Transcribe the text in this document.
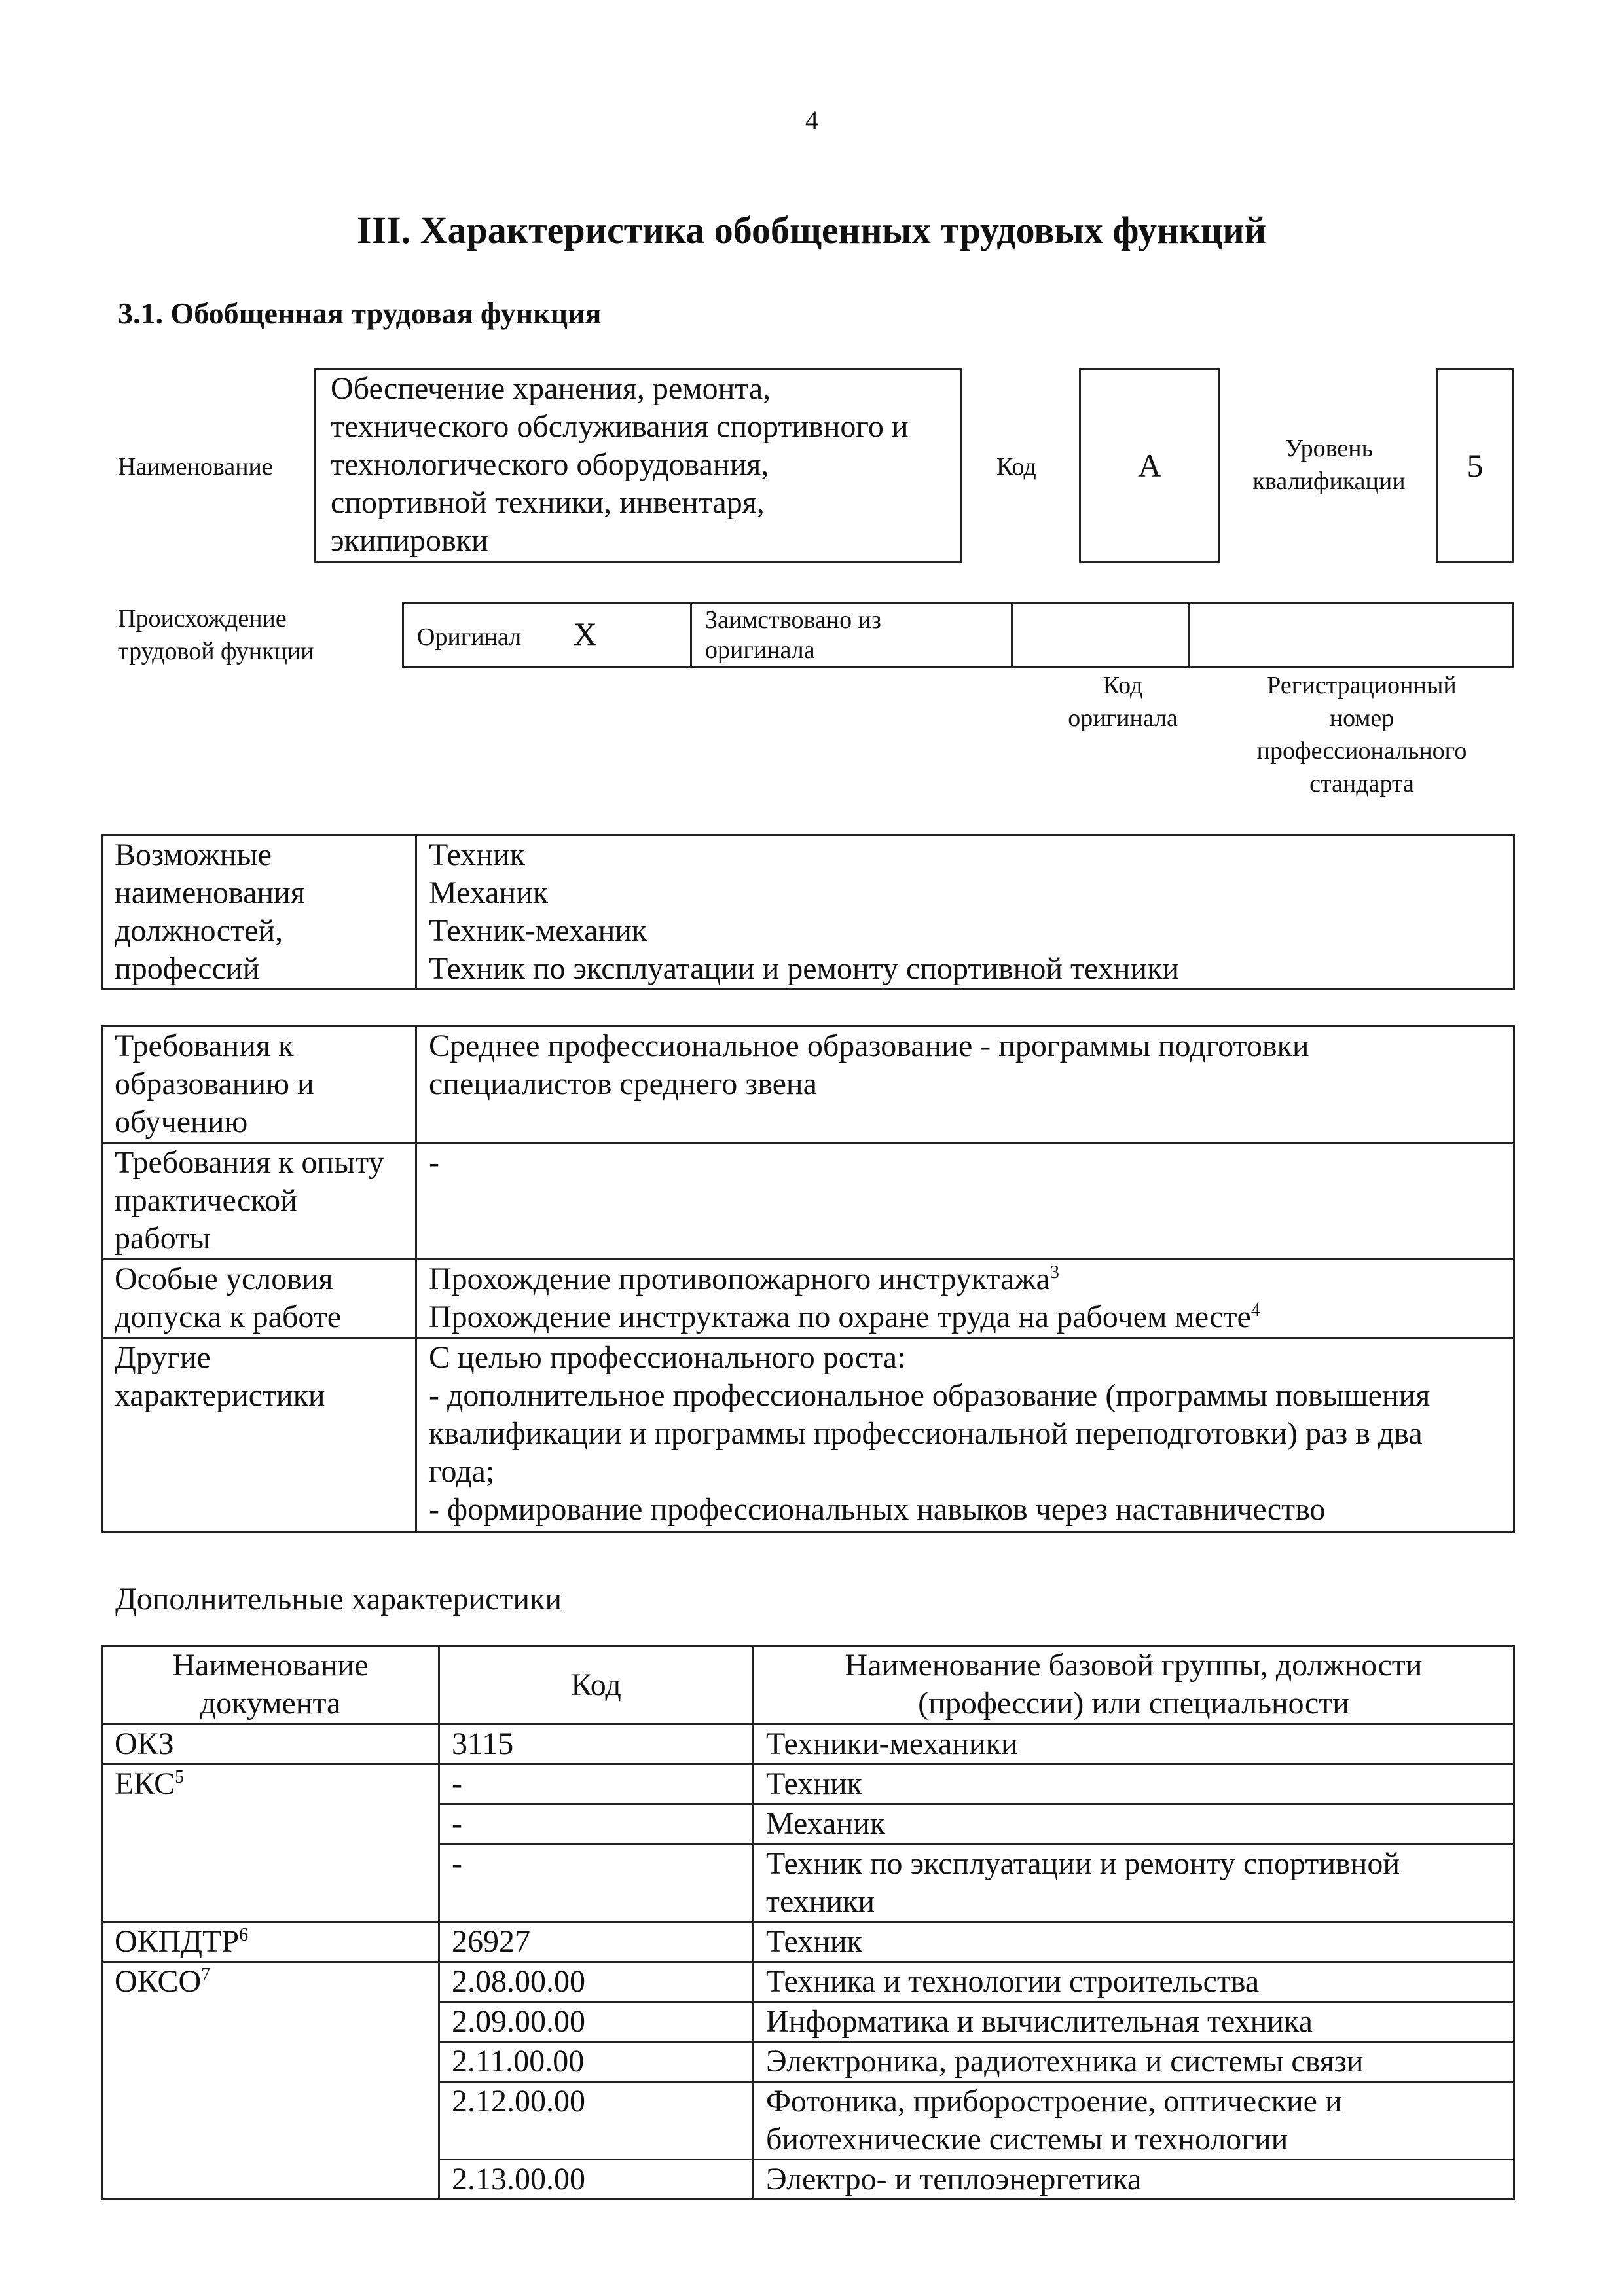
4
III. Характеристика обобщенных трудовых функций
3.1. Обобщенная трудовая функция
Наименование
Обеспечение хранения, ремонта,
технического обслуживания спортивного и
технологического оборудования,
спортивной техники, инвентаря,
экипировки
Код	A	Уровень
квалификации	5
Происхождение
трудовой функции
Оригинал X	Заимствовано из
оригинала

Код
оригинала
Регистрационный
номер
профессионального
стандарта
Возможные
наименования
должностей,
профессий

Техник
Механик
Техник-механик
Техник по эксплуатации и ремонту спортивной техники
Требования к
образованию и
обучению	Среднее профессиональное образование - программы подготовки
специалистов среднего звена

Требования к опыту
практической
работы	-

Особые условия
допуска к работе	Прохождение противопожарного инструктажа$^3$
Прохождение инструктажа по охране труда на рабочем месте$^4$

Другие
характеристики	С целью профессионального роста:
- дополнительное профессиональное образование (программы повышения
квалификации и программы профессиональной переподготовки) раз в два
года;
- формирование профессиональных навыков через наставничество
Дополнительные характеристики
Наименование
документа	Код	Наименование базовой группы, должности
(профессии) или специальности

ОКЗ	3115	Техники-механики
ЕКС$^5$	-	Техник
	-	Механик
	-	Техник по эксплуатации и ремонту спортивной
техники

ОКПДТР$^6$	26927	Техник
ОКСО$^7$	2.08.00.00	Техника и технологии строительства
	2.09.00.00	Информатика и вычислительная техника
	2.11.00.00	Электроника, радиотехника и системы связи
	2.12.00.00	Фотоника, приборостроение, оптические и
биотехнические системы и технологии

	2.13.00.00	Электро- и теплоэнергетика
